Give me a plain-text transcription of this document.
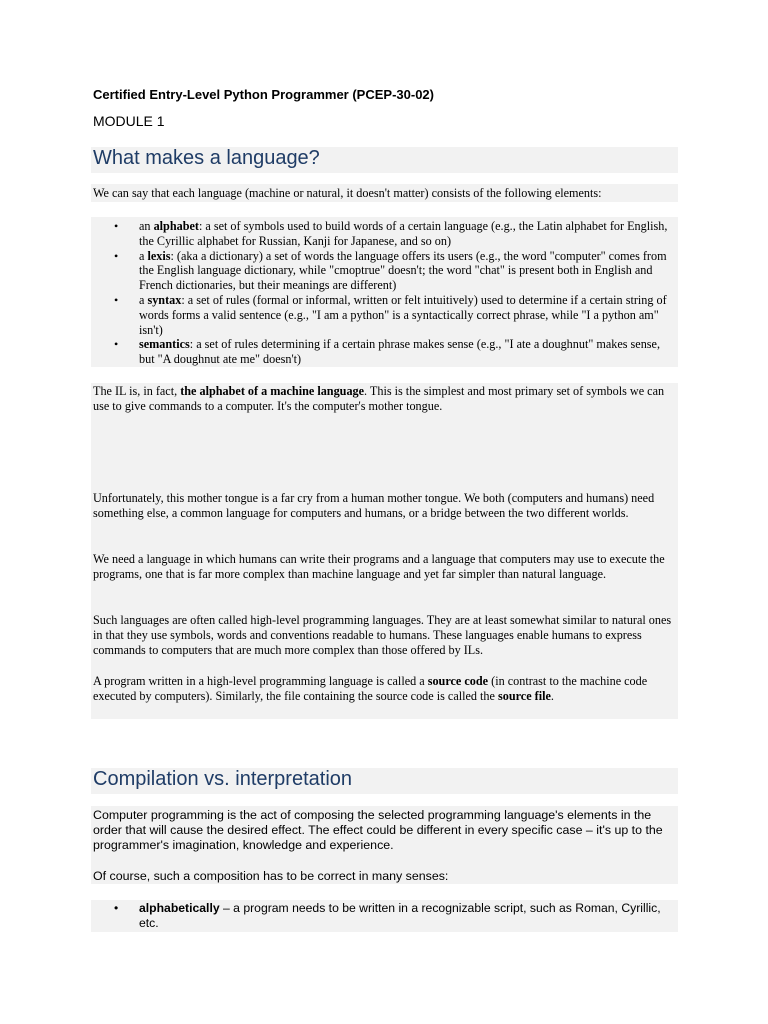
Certified Entry-Level Python Programmer (PCEP-30-02)
MODULE 1
What makes a language?
We can say that each language (machine or natural, it doesn't matter) consists of the following elements:
• an alphabet: a set of symbols used to build words of a certain language (e.g., the Latin alphabet for English, the Cyrillic alphabet for Russian, Kanji for Japanese, and so on)
• a lexis: (aka a dictionary) a set of words the language offers its users (e.g., the word "computer" comes from the English language dictionary, while "cmoptrue" doesn't; the word "chat" is present both in English and French dictionaries, but their meanings are different)
• a syntax: a set of rules (formal or informal, written or felt intuitively) used to determine if a certain string of words forms a valid sentence (e.g., "I am a python" is a syntactically correct phrase, while "I a python am" isn't)
• semantics: a set of rules determining if a certain phrase makes sense (e.g., "I ate a doughnut" makes sense, but "A doughnut ate me" doesn't)
The IL is, in fact, the alphabet of a machine language. This is the simplest and most primary set of symbols we can use to give commands to a computer. It's the computer's mother tongue.
Unfortunately, this mother tongue is a far cry from a human mother tongue. We both (computers and humans) need something else, a common language for computers and humans, or a bridge between the two different worlds.
We need a language in which humans can write their programs and a language that computers may use to execute the programs, one that is far more complex than machine language and yet far simpler than natural language.
Such languages are often called high-level programming languages. They are at least somewhat similar to natural ones in that they use symbols, words and conventions readable to humans. These languages enable humans to express commands to computers that are much more complex than those offered by ILs.
A program written in a high-level programming language is called a source code (in contrast to the machine code executed by computers). Similarly, the file containing the source code is called the source file.
Compilation vs. interpretation
Computer programming is the act of composing the selected programming language's elements in the order that will cause the desired effect. The effect could be different in every specific case – it's up to the programmer's imagination, knowledge and experience.
Of course, such a composition has to be correct in many senses:
• alphabetically – a program needs to be written in a recognizable script, such as Roman, Cyrillic, etc.
